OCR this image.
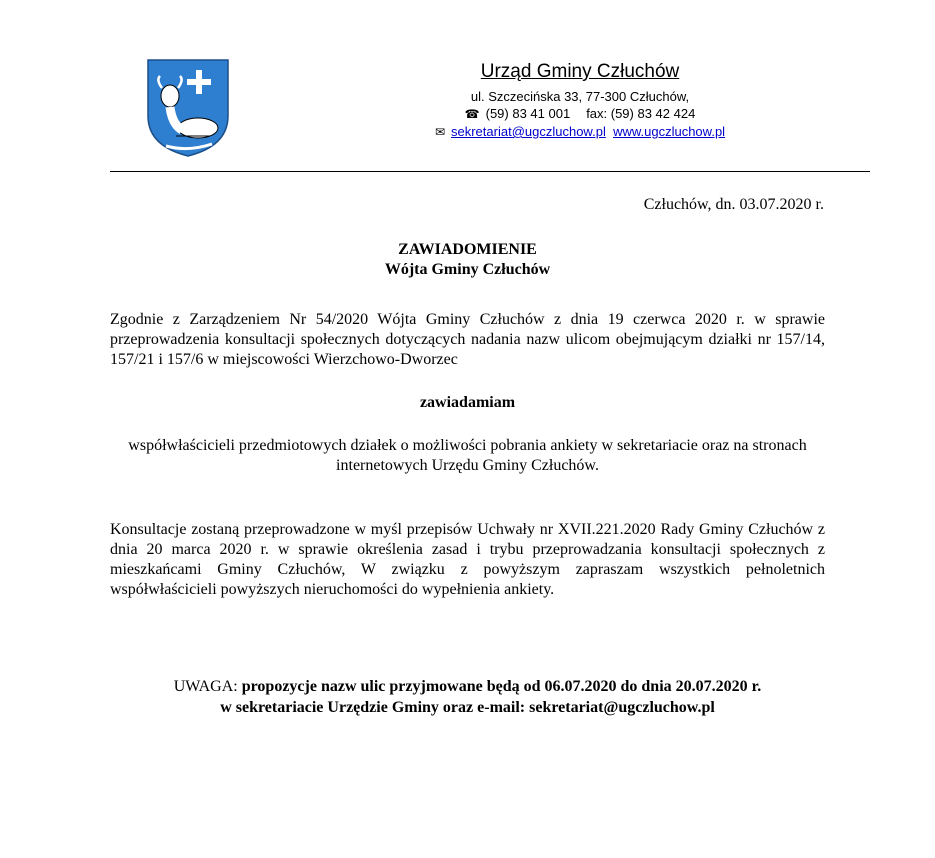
Urząd Gminy Człuchów
ul. Szczecińska 33, 77-300 Człuchów,
☎ (59) 83 41 001 fax: (59) 83 42 424
✉ sekretariat@ugczluchow.pl www.ugczluchow.pl
Człuchów, dn. 03.07.2020 r.
ZAWIADOMIENIE
Wójta Gminy Człuchów
Zgodnie z Zarządzeniem Nr 54/2020 Wójta Gminy Człuchów z dnia 19 czerwca 2020 r. w sprawie przeprowadzenia konsultacji społecznych dotyczących nadania nazw ulicom obejmującym działki nr 157/14, 157/21 i 157/6 w miejscowości Wierzchowo-Dworzec
zawiadamiam
współwłaścicieli przedmiotowych działek o możliwości pobrania ankiety w sekretariacie oraz na stronach internetowych Urzędu Gminy Człuchów.
Konsultacje zostaną przeprowadzone w myśl przepisów Uchwały nr XVII.221.2020 Rady Gminy Człuchów z dnia 20 marca 2020 r. w sprawie określenia zasad i trybu przeprowadzania konsultacji społecznych z mieszkańcami Gminy Człuchów, W związku z powyższym zapraszam wszystkich pełnoletnich współwłaścicieli powyższych nieruchomości do wypełnienia ankiety.
UWAGA: propozycje nazw ulic przyjmowane będą od 06.07.2020 do dnia 20.07.2020 r.
w sekretariacie Urzędzie Gminy oraz e-mail: sekretariat@ugczluchow.pl
